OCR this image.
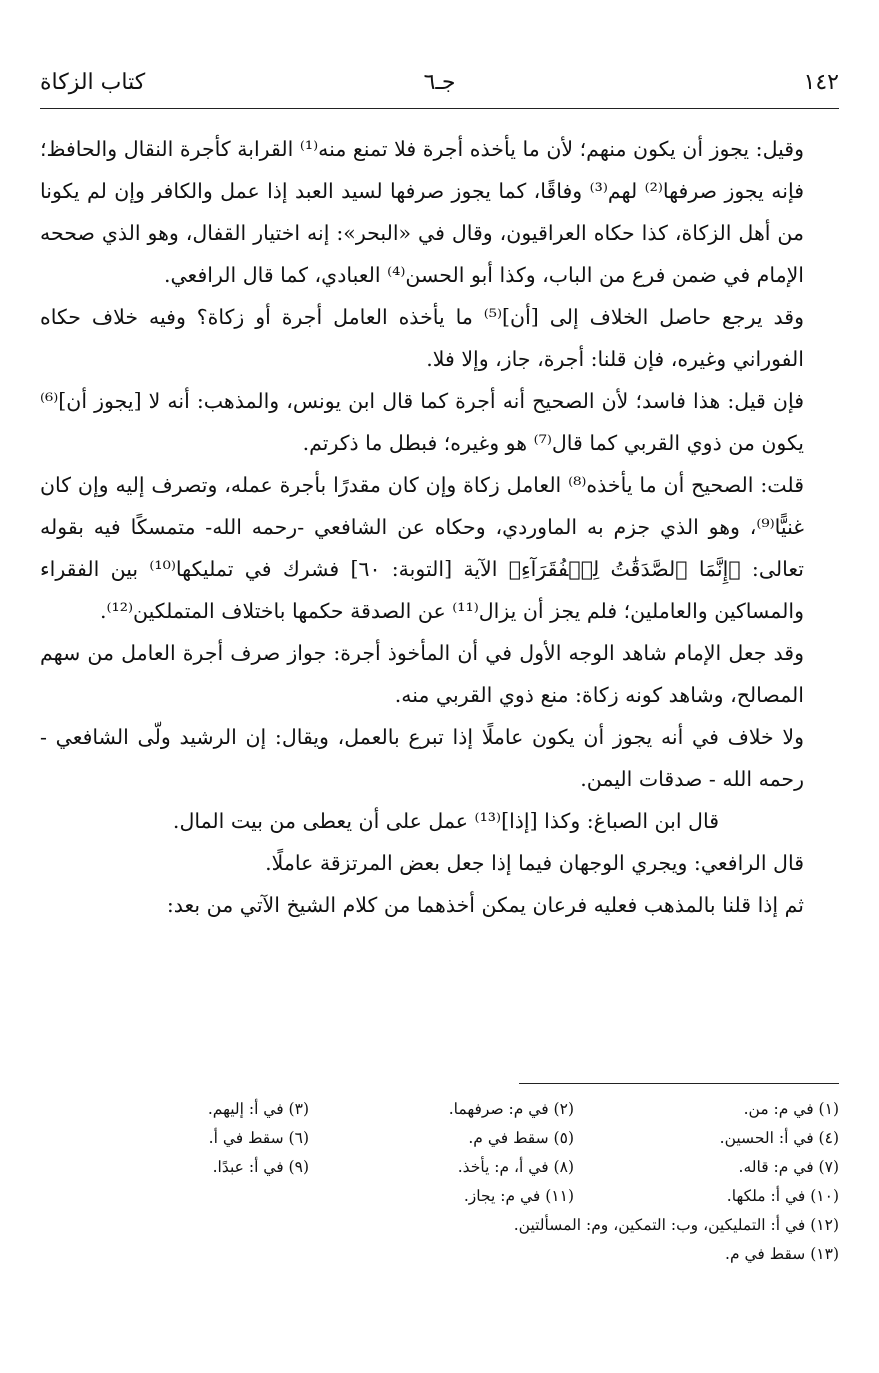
١٤٢
جـ٦
كتاب الزكاة

وقيل: يجوز أن يكون منهم؛ لأن ما يأخذه أجرة فلا تمنع منه⁽¹⁾ القرابة كأجرة النقال والحافظ؛ فإنه يجوز صرفها⁽²⁾ لهم⁽³⁾ وفاقًا، كما يجوز صرفها لسيد العبد إذا عمل والكافر وإن لم يكونا من أهل الزكاة، كذا حكاه العراقيون، وقال في «البحر»: إنه اختيار القفال، وهو الذي صححه الإمام في ضمن فرع من الباب، وكذا أبو الحسن⁽⁴⁾ العبادي، كما قال الرافعي.

وقد يرجع حاصل الخلاف إلى [أن]⁽⁵⁾ ما يأخذه العامل أجرة أو زكاة؟ وفيه خلاف حكاه الفوراني وغيره، فإن قلنا: أجرة، جاز، وإلا فلا.

فإن قيل: هذا فاسد؛ لأن الصحيح أنه أجرة كما قال ابن يونس، والمذهب: أنه لا [يجوز أن]⁽⁶⁾ يكون من ذوي القربي كما قال⁽⁷⁾ هو وغيره؛ فبطل ما ذكرتم.

قلت: الصحيح أن ما يأخذه⁽⁸⁾ العامل زكاة وإن كان مقدرًا بأجرة عمله، وتصرف إليه وإن كان غنيًّا⁽⁹⁾، وهو الذي جزم به الماوردي، وحكاه عن الشافعي -رحمه الله- متمسكًا فيه بقوله تعالى: ﴿إِنَّمَا ٱلصَّدَقَٰتُ لِلۡفُقَرَآءِ﴾ الآية [التوبة: ٦٠] فشرك في تمليكها⁽¹⁰⁾ بين الفقراء والمساكين والعاملين؛ فلم يجز أن يزال⁽¹¹⁾ عن الصدقة حكمها باختلاف المتملكين⁽¹²⁾.

وقد جعل الإمام شاهد الوجه الأول في أن المأخوذ أجرة: جواز صرف أجرة العامل من سهم المصالح، وشاهد كونه زكاة: منع ذوي القربي منه.

ولا خلاف في أنه يجوز أن يكون عاملًا إذا تبرع بالعمل، ويقال: إن الرشيد ولّى الشافعي - رحمه الله - صدقات اليمن.

قال ابن الصباغ: وكذا [إذا]⁽¹³⁾ عمل على أن يعطى من بيت المال.

قال الرافعي: ويجري الوجهان فيما إذا جعل بعض المرتزقة عاملًا.

ثم إذا قلنا بالمذهب فعليه فرعان يمكن أخذهما من كلام الشيخ الآتي من بعد:

(١) في م: من.
(٢) في م: صرفهما.
(٣) في أ: إليهم.
(٤) في أ: الحسين.
(٥) سقط في م.
(٦) سقط في أ.
(٧) في م: قاله.
(٨) في أ، م: يأخذ.
(٩) في أ: عبدًا.
(١٠) في أ: ملكها.
(١١) في م: يجاز.
(١٢) في أ: التمليكين، وب: التمكين، وم: المسألتين.
(١٣) سقط في م.
